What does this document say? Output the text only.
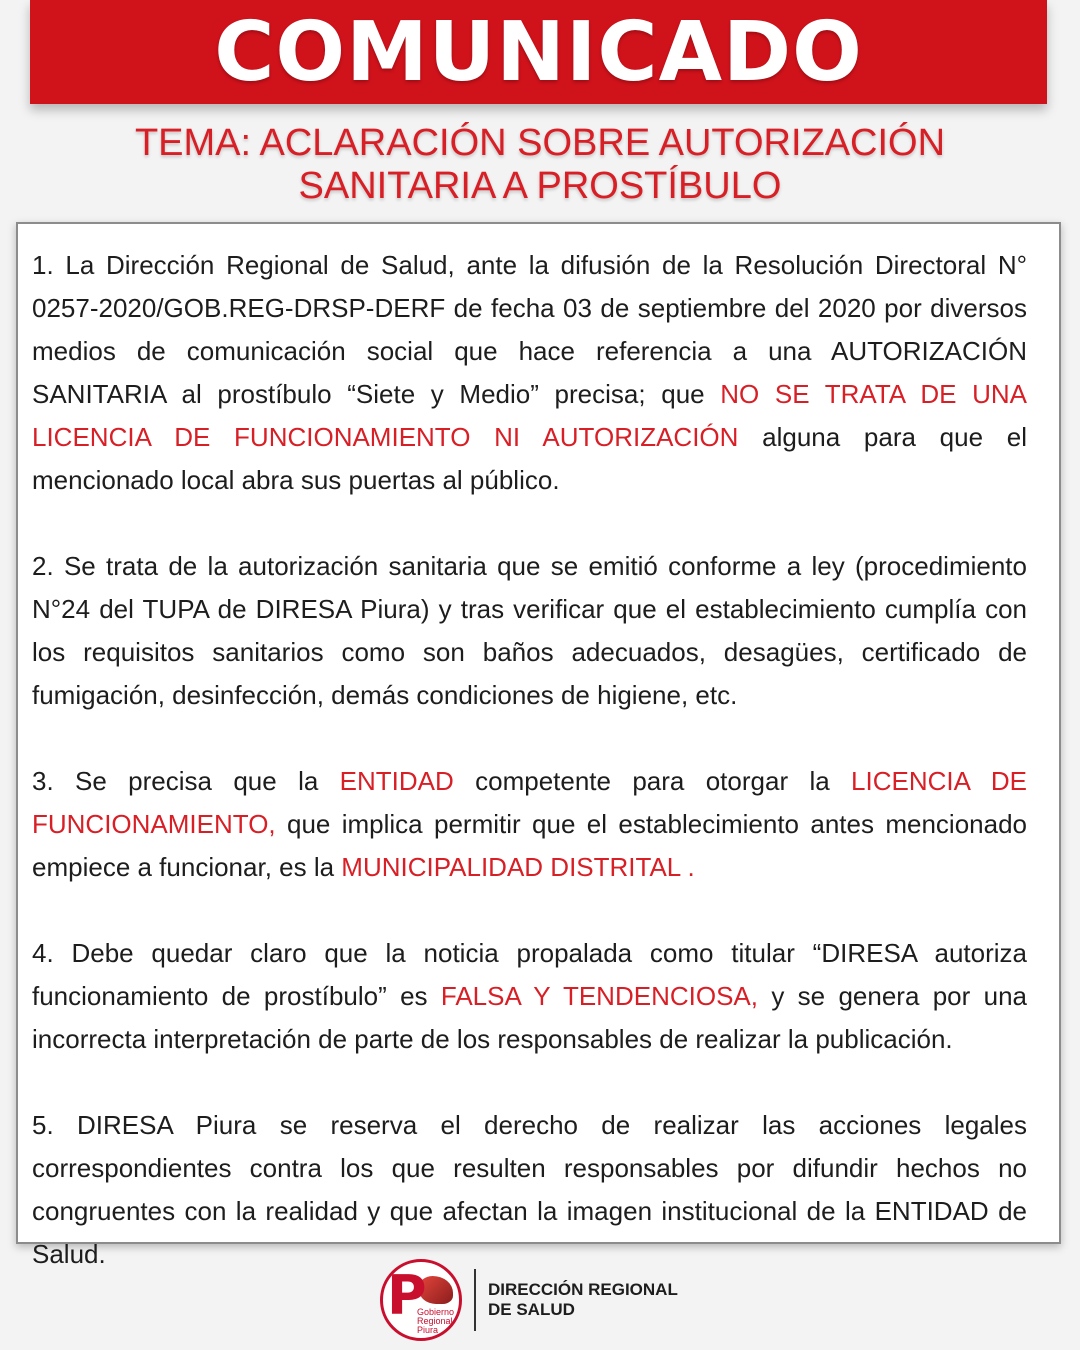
COMUNICADO
TEMA: ACLARACIÓN SOBRE AUTORIZACIÓN
SANITARIA A PROSTÍBULO

1. La Dirección Regional de Salud, ante la difusión de la Resolución Directoral N° 0257-2020/GOB.REG-DRSP-DERF de fecha 03 de septiembre del 2020 por diversos medios de comunicación social que hace referencia a una AUTORIZACIÓN SANITARIA al prostíbulo “Siete y Medio” precisa; que NO SE TRATA DE UNA LICENCIA DE FUNCIONAMIENTO NI AUTORIZACIÓN alguna para que el mencionado local abra sus puertas al público.

2. Se trata de la autorización sanitaria que se emitió conforme a ley (procedimiento N°24 del TUPA de DIRESA Piura) y tras verificar que el establecimiento cumplía con los requisitos sanitarios como son baños adecuados, desagües, certificado de fumigación, desinfección, demás condiciones de higiene, etc.

3. Se precisa que la ENTIDAD competente para otorgar la LICENCIA DE FUNCIONAMIENTO, que implica permitir que el establecimiento antes mencionado empiece a funcionar, es la MUNICIPALIDAD DISTRITAL .

4. Debe quedar claro que la noticia propalada como titular “DIRESA autoriza funcionamiento de prostíbulo” es FALSA Y TENDENCIOSA, y se genera por una incorrecta interpretación de parte de los responsables de realizar la publicación.

5. DIRESA Piura se reserva el derecho de realizar las acciones legales correspondientes contra los que resulten responsables por difundir hechos no congruentes con la realidad y que afectan la imagen institucional de la ENTIDAD de Salud.

P
Gobierno
Regional
Piura
DIRECCIÓN REGIONAL
DE SALUD
